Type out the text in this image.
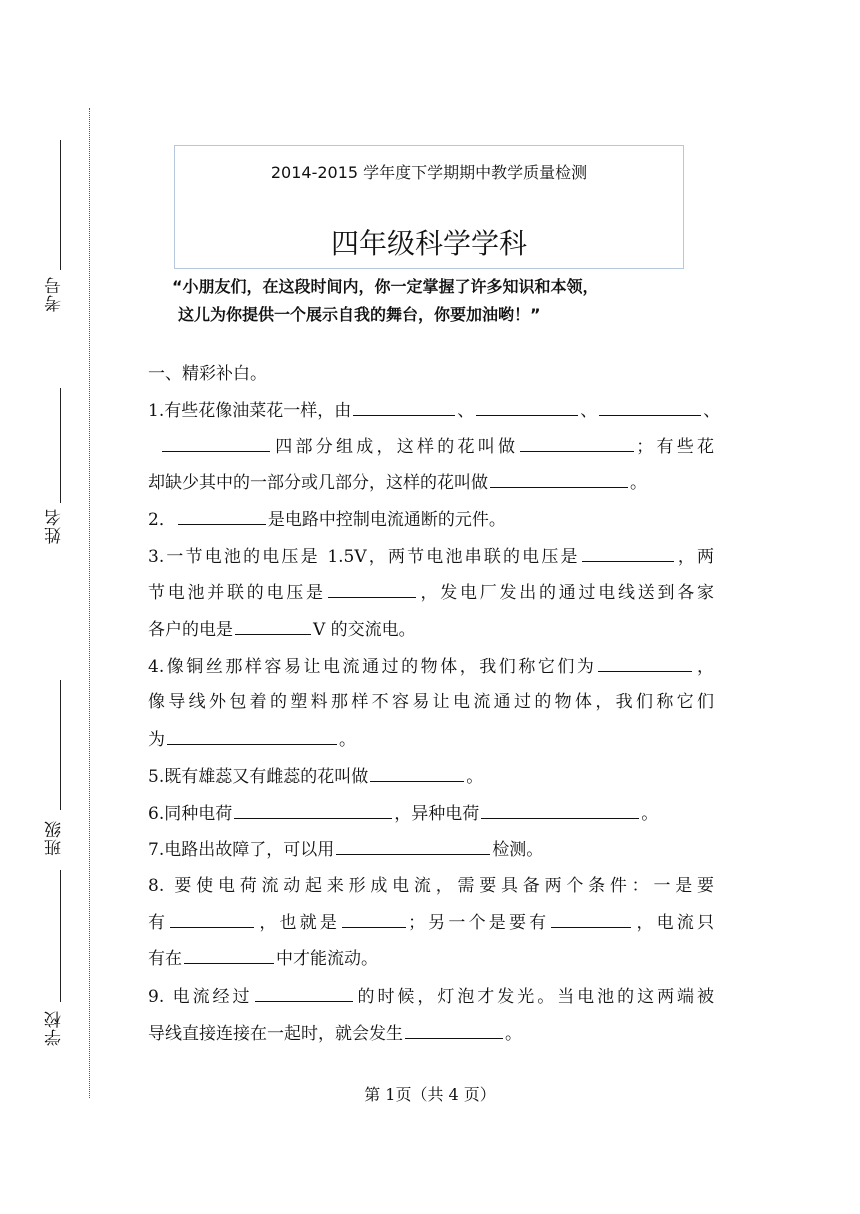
考号
姓名
班级
学校
2014-2015 学年度下学期期中教学质量检测
四年级科学学科
“小朋友们，在这段时间内，你一定掌握了许多知识和本领，
这儿为你提供一个展示自我的舞台，你要加油哟！”
一、精彩补白。
1.有些花像油菜花一样，由	、	、	、
四部分组成，这样的花叫做	；有些花
却缺少其中的一部分或几部分，这样的花叫做	。
2．	是电路中控制电流通断的元件。
3.一节电池的电压是 1.5V，两节电池串联的电压是	，两
节电池并联的电压是	，发电厂发出的通过电线送到各家
各户的电是	V 的交流电。
4.像铜丝那样容易让电流通过的物体，我们称它们为	，
像导线外包着的塑料那样不容易让电流通过的物体，我们称它们
为	。
5.既有雄蕊又有雌蕊的花叫做	。
6.同种电荷	，异种电荷	。
7.电路出故障了，可以用	检测。
8. 要使电荷流动起来形成电流，需要具备两个条件：一是要
有	，也就是	；另一个是要有	，电流只
有在	中才能流动。
9. 电流经过	的时候，灯泡才发光。当电池的这两端被
导线直接连接在一起时，就会发生	。
第 1页（共 4 页）
